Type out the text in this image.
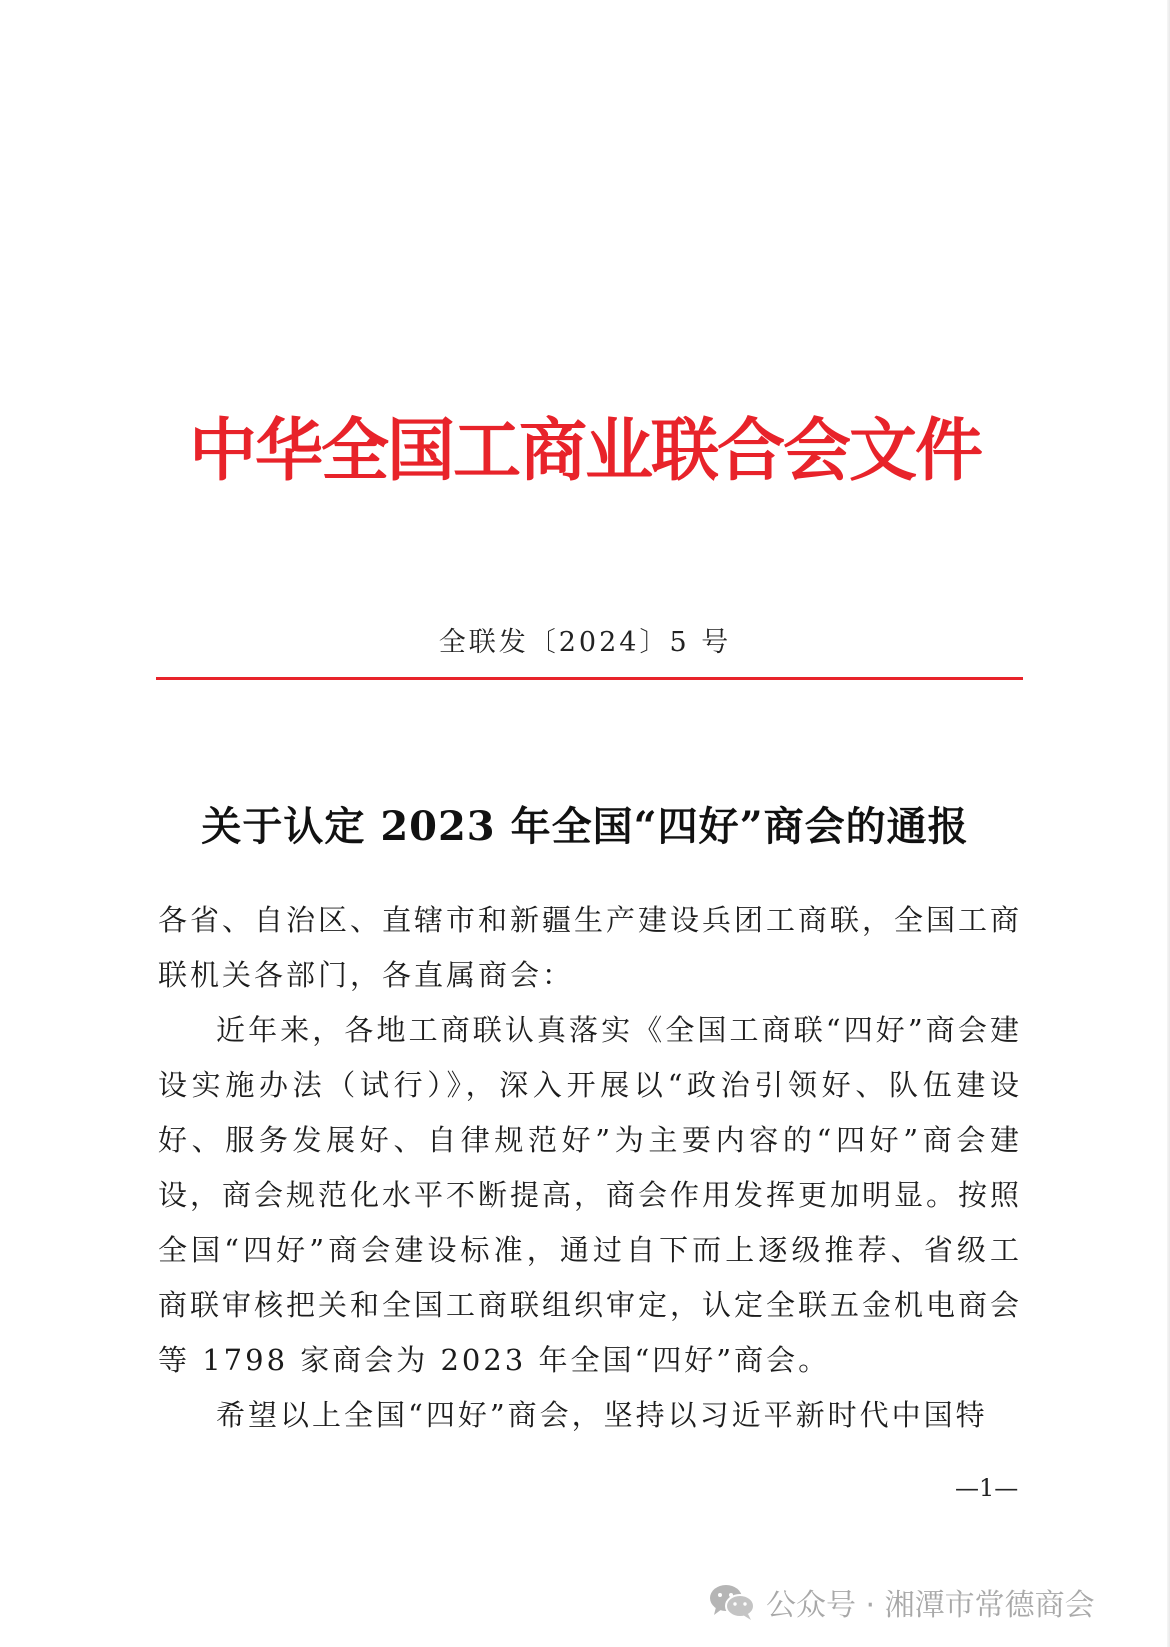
中华全国工商业联合会文件
全联发〔2024〕5 号
关于认定 2023 年全国“四好”商会的通报

各省、自治区、直辖市和新疆生产建设兵团工商联，全国工商联机关各部门，各直属商会：

近年来，各地工商联认真落实《全国工商联“四好”商会建设实施办法（试行）》，深入开展以“政治引领好、队伍建设好、服务发展好、自律规范好”为主要内容的“四好”商会建设，商会规范化水平不断提高，商会作用发挥更加明显。按照全国“四好”商会建设标准，通过自下而上逐级推荐、省级工商联审核把关和全国工商联组织审定，认定全联五金机电商会等 1798 家商会为 2023 年全国“四好”商会。

希望以上全国“四好”商会，坚持以习近平新时代中国特

—1—
公众号 · 湘潭市常德商会
